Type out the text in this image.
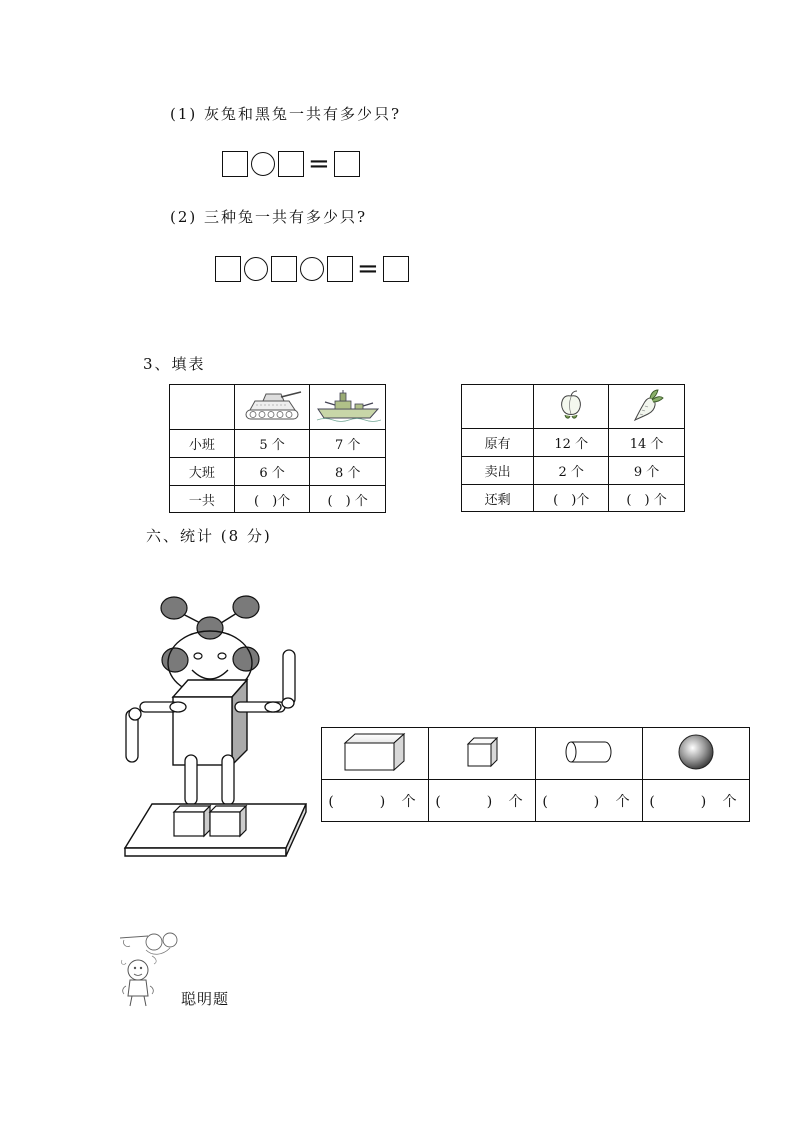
(1) 灰兔和黑兔一共有多少只?
=
(2) 三种兔一共有多少只?
=
3、填表

小班	5 个	7 个
大班	6 个	8 个
一共	(　)个	(　) 个

原有	12 个	14 个
卖出	2 个	9 个
还剩	(　)个	(　) 个
六、统计 (8 分)

(　　) 个	(　　) 个	(　　) 个	(　　) 个
聪明题
